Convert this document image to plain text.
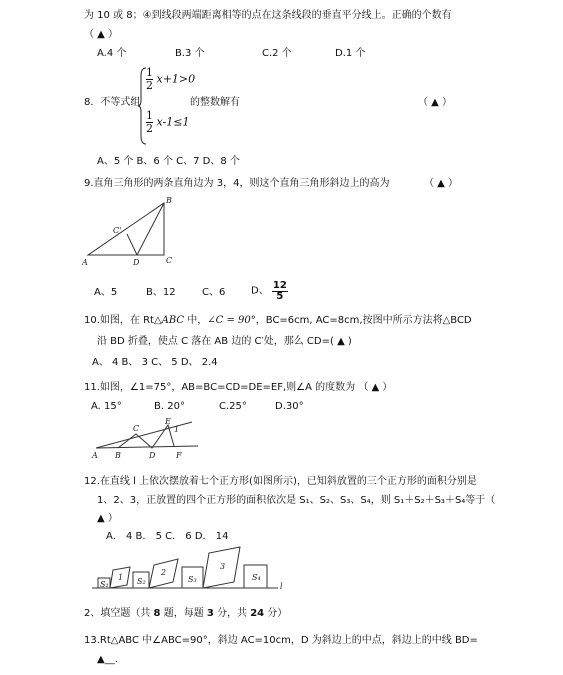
为 10 或 8；④到线段两端距离相等的点在这条线段的垂直平分线上。正确的个数有
（ ▲ ）
A.4 个	B.3 个	C.2 个	D.1 个
8．不等式组
$\frac{1}{2} x+1>0$
$\frac{1}{2} x-1\le 1$
的整数解有	（ ▲ ）
A、5 个 B、6 个 C、7 D、8 个
9.直角三角形的两条直角边为 3，4，则这个直角三角形斜边上的高为	（ ▲ ）
A
B
C
D
C'
A、5	B、12	C、6	D、 $\frac{12}{5}$
10.如图，在 Rt△ABC 中，∠C = 90°，BC=6cm, AC=8cm,按图中所示方法将△BCD
沿 BD 折叠，使点 C 落在 AB 边的 C′处，那么 CD=( ▲ )
A、 4 B、 3 C、 5 D、 2.4
11.如图，∠1=75°，AB=BC=CD=DE=EF,则∠A 的度数为 （ ▲ ）
A. 15°	B. 20°	C.25°	D.30°
A B
C
D
E
F
1
12.在直线 l 上依次摆放着七个正方形(如图所示)，已知斜放置的三个正方形的面积分别是
1、2、3，正放置的四个正方形的面积依次是 S₁、S₂、S₃、S₄，则 S₁＋S₂＋S₃＋S₄等于（
▲ ）
A． 4 B． 5 C． 6 D． 14
S₁
1 S₂
2
S₃
3
S₄
l
2、填空题（共 8 题，每题 3 分，共 24 分）
13.Rt△ABC 中∠ABC=90°，斜边 AC=10cm，D 为斜边上的中点，斜边上的中线 BD=
▲__.
